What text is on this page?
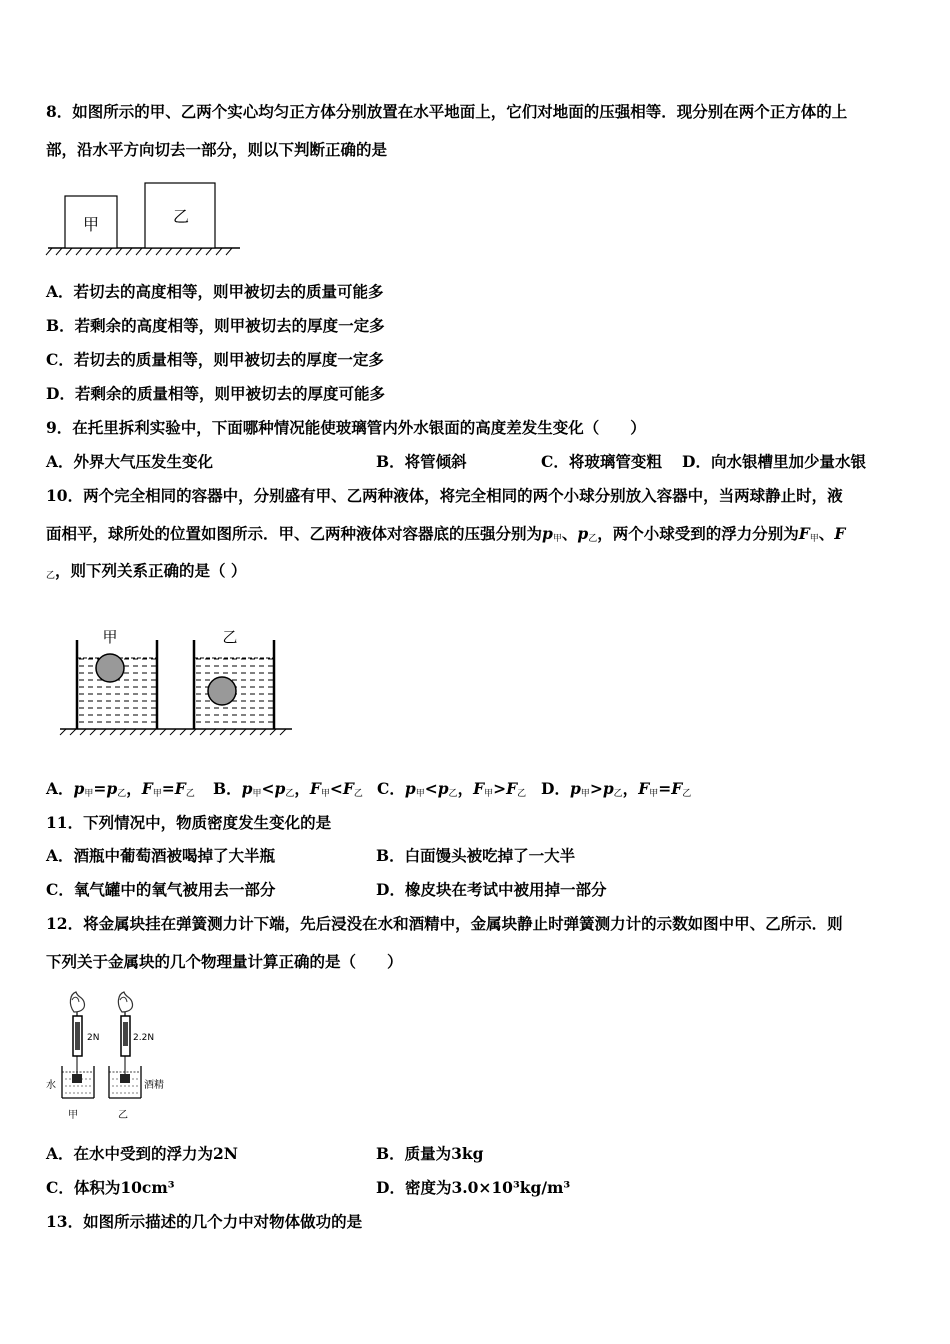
8．如图所示的甲、乙两个实心均匀正方体分别放置在水平地面上，它们对地面的压强相等．现分别在两个正方体的上
部，沿水平方向切去一部分，则以下判断正确的是
甲	乙
A．若切去的高度相等，则甲被切去的质量可能多
B．若剩余的高度相等，则甲被切去的厚度一定多
C．若切去的质量相等，则甲被切去的厚度一定多
D．若剩余的质量相等，则甲被切去的厚度可能多
9．在托里拆利实验中，下面哪种情况能使玻璃管内外水银面的高度差发生变化（　　）
A．外界大气压发生变化	B．将管倾斜	C．将玻璃管变粗 D．向水银槽里加少量水银
10．两个完全相同的容器中，分别盛有甲、乙两种液体，将完全相同的两个小球分别放入容器中，当两球静止时，液
面相平，球所处的位置如图所示．甲、乙两种液体对容器底的压强分别为$p_甲$、$p_乙$，两个小球受到的浮力分别为$F_甲$、F
$_乙$，则下列关系正确的是（ ）
甲	乙
A．$p_甲=p_乙$，$F_甲=F_乙$ B．$p_甲<p_乙$，$F_甲<F_乙$ C．$p_甲<p_乙$，$F_甲>F_乙$ D．$p_甲>p_乙$，$F_甲=F_乙$
11．下列情况中，物质密度发生变化的是
A．酒瓶中葡萄酒被喝掉了大半瓶	B．白面馒头被吃掉了一大半
C．氧气罐中的氧气被用去一部分	D．橡皮块在考试中被用掉一部分
12．将金属块挂在弹簧测力计下端，先后浸没在水和酒精中，金属块静止时弹簧测力计的示数如图中甲、乙所示．则
下列关于金属块的几个物理量计算正确的是（　　）
2N
水
甲
2.2N
酒精
乙
A．在水中受到的浮力为2N	B．质量为3kg
C．体积为10cm³	D．密度为3.0×10³kg/m³
13．如图所示描述的几个力中对物体做功的是
